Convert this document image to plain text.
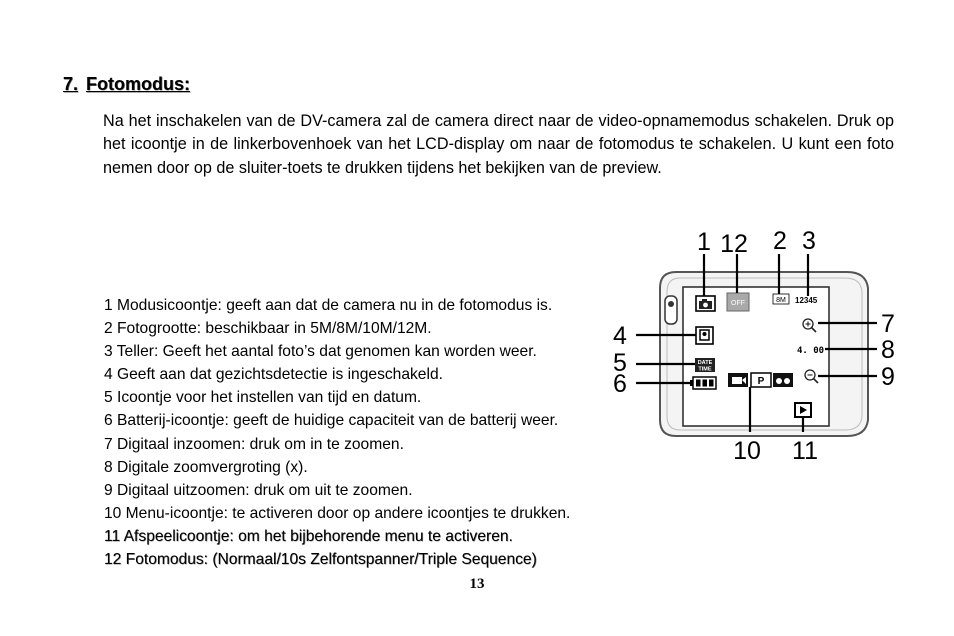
7. Fotomodus:

Na het inschakelen van de DV-camera zal de camera direct naar de video-opnamemodus schakelen. Druk op het icoontje in de linkerbovenhoek van het LCD-display om naar de fotomodus te schakelen. U kunt een foto nemen door op de sluiter-toets te drukken tijdens het bekijken van de preview.

1 Modusicoontje: geeft aan dat de camera nu in de fotomodus is.
2 Fotogrootte: beschikbaar in 5M/8M/10M/12M.
3 Teller: Geeft het aantal foto’s dat genomen kan worden weer.
4 Geeft aan dat gezichtsdetectie is ingeschakeld.
5 Icoontje voor het instellen van tijd en datum.
6 Batterij-icoontje: geeft de huidige capaciteit van de batterij weer.
7 Digitaal inzoomen: druk om in te zoomen.
8 Digitale zoomvergroting (x).
9 Digitaal uitzoomen: druk om uit te zoomen.
10 Menu-icoontje: te activeren door op andere icoontjes te drukken.
11 Afspeelicoontje: om het bijbehorende menu te activeren.
12 Fotomodus: (Normaal/10s Zelfontspanner/Triple Sequence)
OFF	8M 12345
DATE
TIME
4. 00
P
1 12 2 3
4
5
6
7
8
9
10 11
13
